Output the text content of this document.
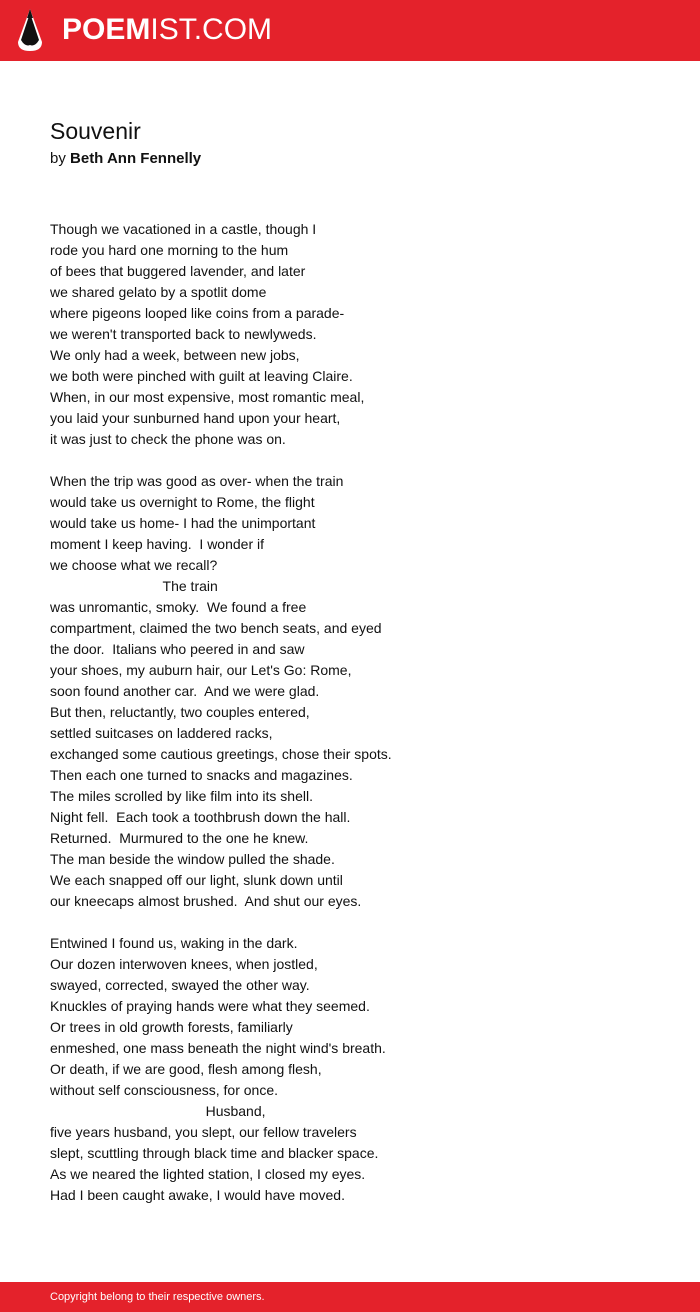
POEMIST.COM
Souvenir
by Beth Ann Fennelly
Though we vacationed in a castle, though I
rode you hard one morning to the hum
of bees that buggered lavender, and later
we shared gelato by a spotlit dome
where pigeons looped like coins from a parade-
we weren't transported back to newlyweds.
We only had a week, between new jobs,
we both were pinched with guilt at leaving Claire.
When, in our most expensive, most romantic meal,
you laid your sunburned hand upon your heart,
it was just to check the phone was on.
When the trip was good as over- when the train
would take us overnight to Rome, the flight
would take us home- I had the unimportant
moment I keep having.  I wonder if
we choose what we recall?
The train
was unromantic, smoky.  We found a free
compartment, claimed the two bench seats, and eyed
the door.  Italians who peered in and saw
your shoes, my auburn hair, our Let's Go: Rome,
soon found another car.  And we were glad.
But then, reluctantly, two couples entered,
settled suitcases on laddered racks,
exchanged some cautious greetings, chose their spots.
Then each one turned to snacks and magazines.
The miles scrolled by like film into its shell.
Night fell.  Each took a toothbrush down the hall.
Returned.  Murmured to the one he knew.
The man beside the window pulled the shade.
We each snapped off our light, slunk down until
our kneecaps almost brushed.  And shut our eyes.
Entwined I found us, waking in the dark.
Our dozen interwoven knees, when jostled,
swayed, corrected, swayed the other way.
Knuckles of praying hands were what they seemed.
Or trees in old growth forests, familiarly
enmeshed, one mass beneath the night wind's breath.
Or death, if we are good, flesh among flesh,
without self consciousness, for once.
Husband,
five years husband, you slept, our fellow travelers
slept, scuttling through black time and blacker space.
As we neared the lighted station, I closed my eyes.
Had I been caught awake, I would have moved.
Copyright belong to their respective owners.
